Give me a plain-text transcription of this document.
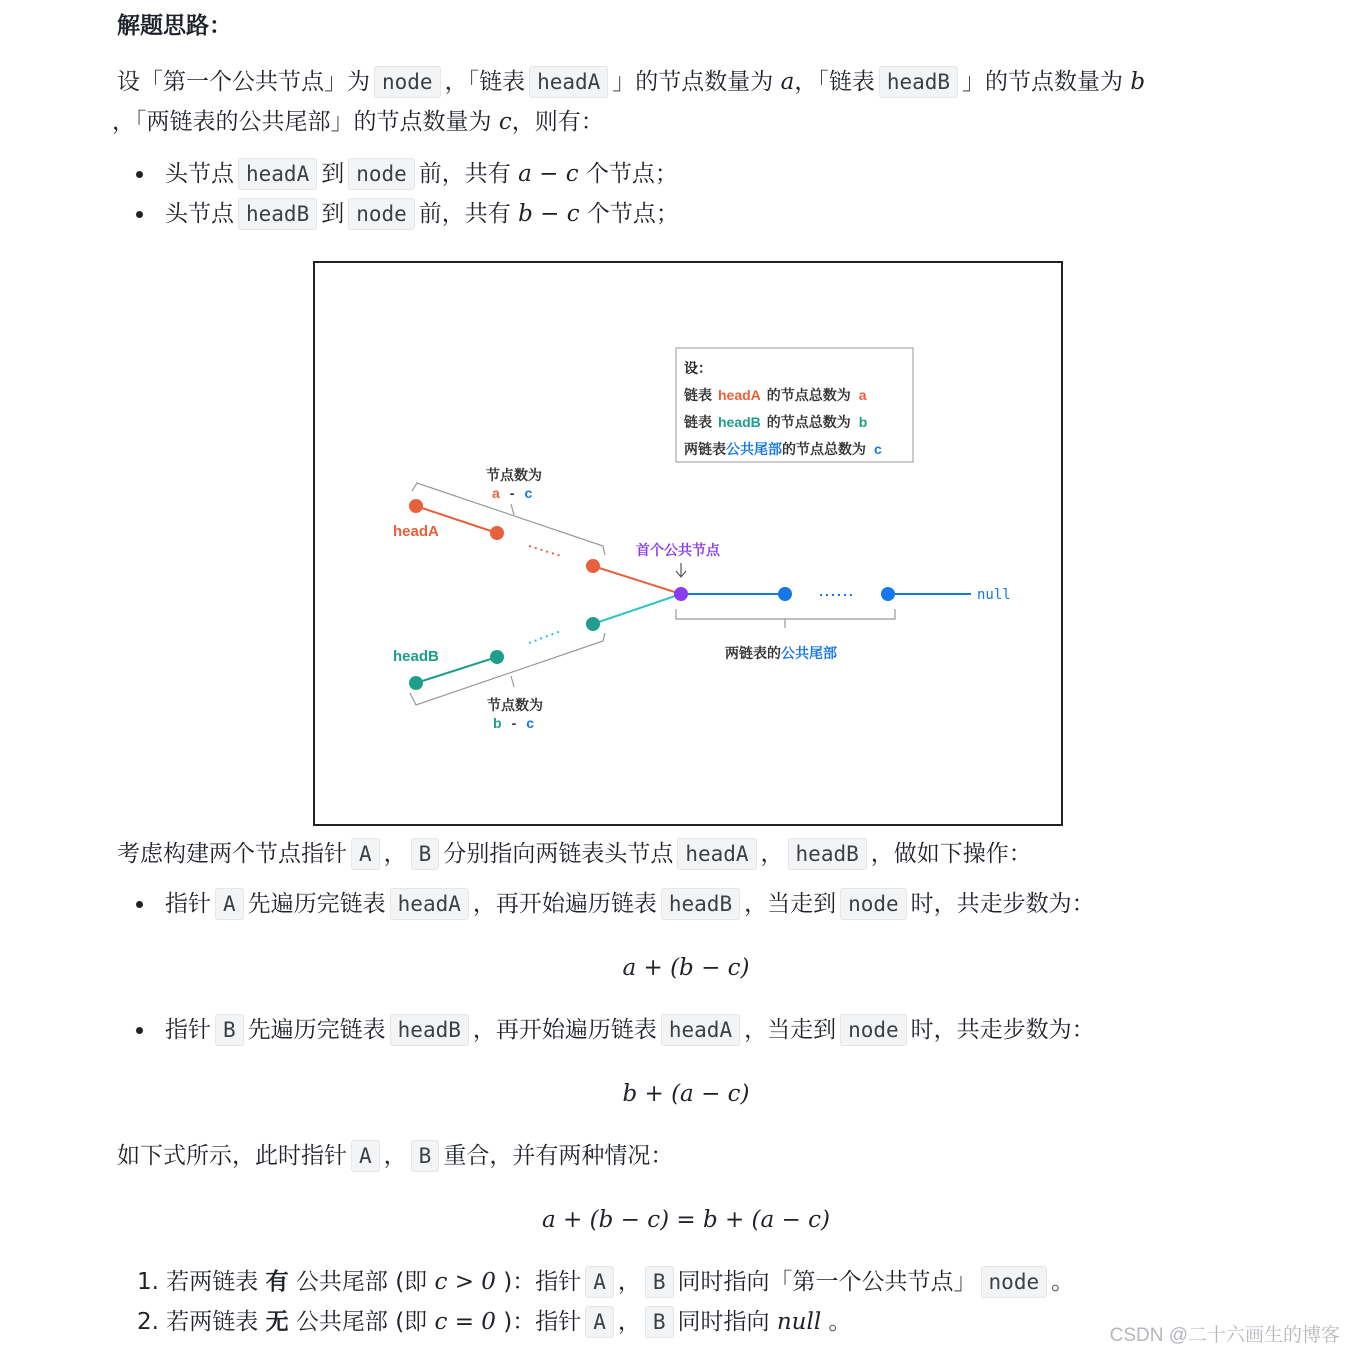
解题思路：
设「第一个公共节点」为 node ，「链表 headA 」的节点数量为 a，「链表 headB 」的节点数量为 b
，「两链表的公共尾部」的节点数量为 c，则有：
头节点 headA 到 node 前，共有 a − c 个节点；
头节点 headB 到 node 前，共有 b − c 个节点；
设：
链表 headA 的节点总数为 a
链表 headB 的节点总数为 b
两链表公共尾部的节点总数为 c
headA
headB
null
首个公共节点
节点数为
a - c
节点数为
b - c
两链表的公共尾部
考虑构建两个节点指针 A ， B 分别指向两链表头节点 headA ， headB ，做如下操作：
指针 A 先遍历完链表 headA ，再开始遍历链表 headB ，当走到 node 时，共走步数为：
a + (b − c)
指针 B 先遍历完链表 headB ，再开始遍历链表 headA ，当走到 node 时，共走步数为：
b + (a − c)
如下式所示，此时指针 A ， B 重合，并有两种情况：
a + (b − c) = b + (a − c)
1. 若两链表 有 公共尾部 (即 c > 0 )：指针 A ， B 同时指向「第一个公共节点」 node 。
2. 若两链表 无 公共尾部 (即 c = 0 )：指针 A ， B 同时指向 null 。
CSDN @二十六画生的博客
